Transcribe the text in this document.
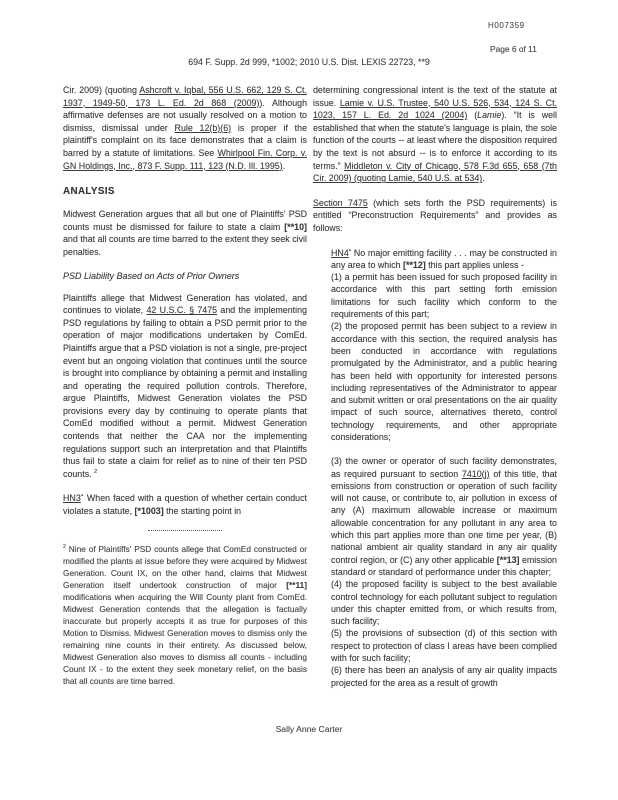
H007359
Page 6 of 11
694 F. Supp. 2d 999, *1002; 2010 U.S. Dist. LEXIS 22723, **9

Cir. 2009) (quoting Ashcroft v. Iqbal, 556 U.S. 662, 129 S. Ct. 1937, 1949-50, 173 L. Ed. 2d 868 (2009)). Although affirmative defenses are not usually resolved on a motion to dismiss, dismissal under Rule 12(b)(6) is proper if the plaintiff's complaint on its face demonstrates that a claim is barred by a statute of limitations. See Whirlpool Fin. Corp. v. GN Holdings, Inc., 873 F. Supp. 111, 123 (N.D. Ill. 1995).

ANALYSIS

Midwest Generation argues that all but one of Plaintiffs' PSD counts must be dismissed for failure to state a claim [**10] and that all counts are time barred to the extent they seek civil penalties.

PSD Liability Based on Acts of Prior Owners

Plaintiffs allege that Midwest Generation has violated, and continues to violate, 42 U.S.C. § 7475 and the implementing PSD regulations by failing to obtain a PSD permit prior to the operation of major modifications undertaken by ComEd. Plaintiffs argue that a PSD violation is not a single, pre-project event but an ongoing violation that continues until the source is brought into compliance by obtaining a permit and installing and operating the required pollution controls. Therefore, argue Plaintiffs, Midwest Generation violates the PSD provisions every day by continuing to operate plants that ComEd modified without a permit. Midwest Generation contends that neither the CAA nor the implementing regulations support such an interpretation and that Plaintiffs thus fail to state a claim for relief as to nine of their ten PSD counts. $^2$

HN3▪ When faced with a question of whether certain conduct violates a statute, [*1003] the starting point in

$^2$ Nine of Plaintiffs' PSD counts allege that ComEd constructed or modified the plants at issue before they were acquired by Midwest Generation. Count IX, on the other hand, claims that Midwest Generation itself undertook construction of major [**11] modifications when acquiring the Will County plant from ComEd. Midwest Generation contends that the allegation is factually inaccurate but properly accepts it as true for purposes of this Motion to Dismiss. Midwest Generation moves to dismiss only the remaining nine counts in their entirety. As discussed below, Midwest Generation also moves to dismiss all counts - including Count IX - to the extent they seek monetary relief, on the basis that all counts are time barred.

determining congressional intent is the text of the statute at issue. Lamie v. U.S. Trustee, 540 U.S. 526, 534, 124 S. Ct. 1023, 157 L. Ed. 2d 1024 (2004) (Lamie). “It is well established that when the statute's language is plain, the sole function of the courts -- at least where the disposition required by the text is not absurd -- is to enforce it according to its terms.” Middleton v. City of Chicago, 578 F.3d 655, 658 (7th Cir. 2009) (quoting Lamie, 540 U.S. at 534).

Section 7475 (which sets forth the PSD requirements) is entitled “Preconstruction Requirements” and provides as follows:

HN4▪ No major emitting facility . . . may be constructed in any area to which [**12] this part applies unless -

(1) a permit has been issued for such proposed facility in accordance with this part setting forth emission limitations for such facility which conform to the requirements of this part;

(2) the proposed permit has been subject to a review in accordance with this section, the required analysis has been conducted in accordance with regulations promulgated by the Administrator, and a public hearing has been held with opportunity for interested persons including representatives of the Administrator to appear and submit written or oral presentations on the air quality impact of such source, alternatives thereto, control technology requirements, and other appropriate considerations;

(3) the owner or operator of such facility demonstrates, as required pursuant to section 7410(j) of this title, that emissions from construction or operation of such facility will not cause, or contribute to, air pollution in excess of any (A) maximum allowable increase or maximum allowable concentration for any pollutant in any area to which this part applies more than one time per year, (B) national ambient air quality standard in any air quality control region, or (C) any other applicable [**13] emission standard or standard of performance under this chapter;

(4) the proposed facility is subject to the best available control technology for each pollutant subject to regulation under this chapter emitted from, or which results from, such facility;

(5) the provisions of subsection (d) of this section with respect to protection of class I areas have been complied with for such facility;

(6) there has been an analysis of any air quality impacts projected for the area as a result of growth

Sally Anne Carter
